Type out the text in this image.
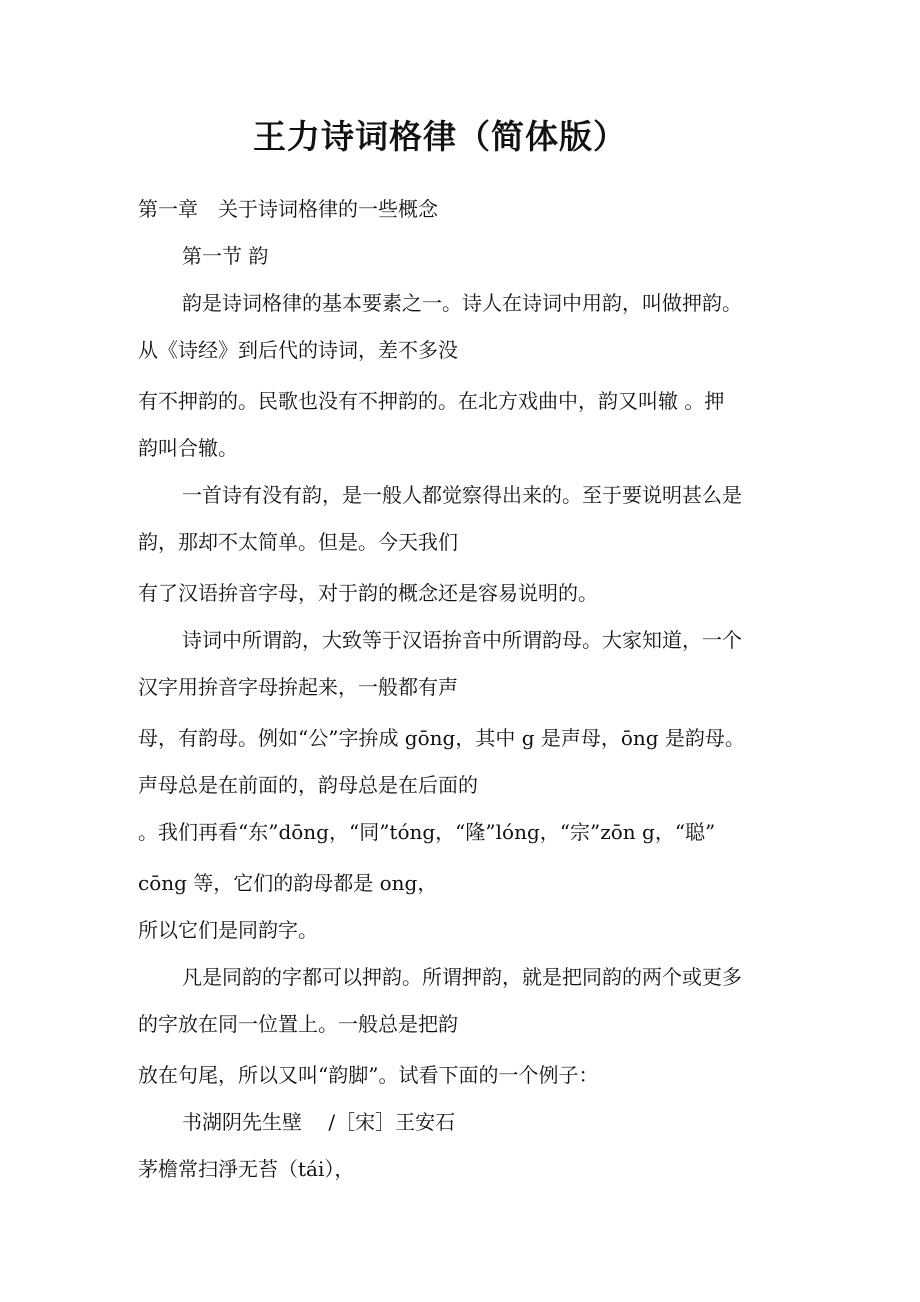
王力诗词格律（简体版）
第一章　关于诗词格律的一些概念
第一节 韵
韵是诗词格律的基本要素之一。诗人在诗词中用韵，叫做押韵。
从《诗经》到后代的诗词，差不多没
有不押韵的。民歌也没有不押韵的。在北方戏曲中，韵又叫辙 。押
韵叫合辙。
一首诗有没有韵，是一般人都觉察得出来的。至于要说明甚么是
韵，那却不太简单。但是。今天我们
有了汉语拚音字母，对于韵的概念还是容易说明的。
诗词中所谓韵，大致等于汉语拚音中所谓韵母。大家知道，一个
汉字用拚音字母拚起来，一般都有声
母，有韵母。例如“公”字拚成 gōng，其中 g 是声母，ōng 是韵母。
声母总是在前面的，韵母总是在后面的
。我们再看“东”dōng，“同”tóng，“隆”lóng，“宗”zōn g，“聪”
cōng 等，它们的韵母都是 ong，
所以它们是同韵字。
凡是同韵的字都可以押韵。所谓押韵，就是把同韵的两个或更多
的字放在同一位置上。一般总是把韵
放在句尾，所以又叫“韵脚”。试看下面的一个例子：
书湖阴先生壁 　/［宋］王安石
茅檐常扫淨无苔（tái），
